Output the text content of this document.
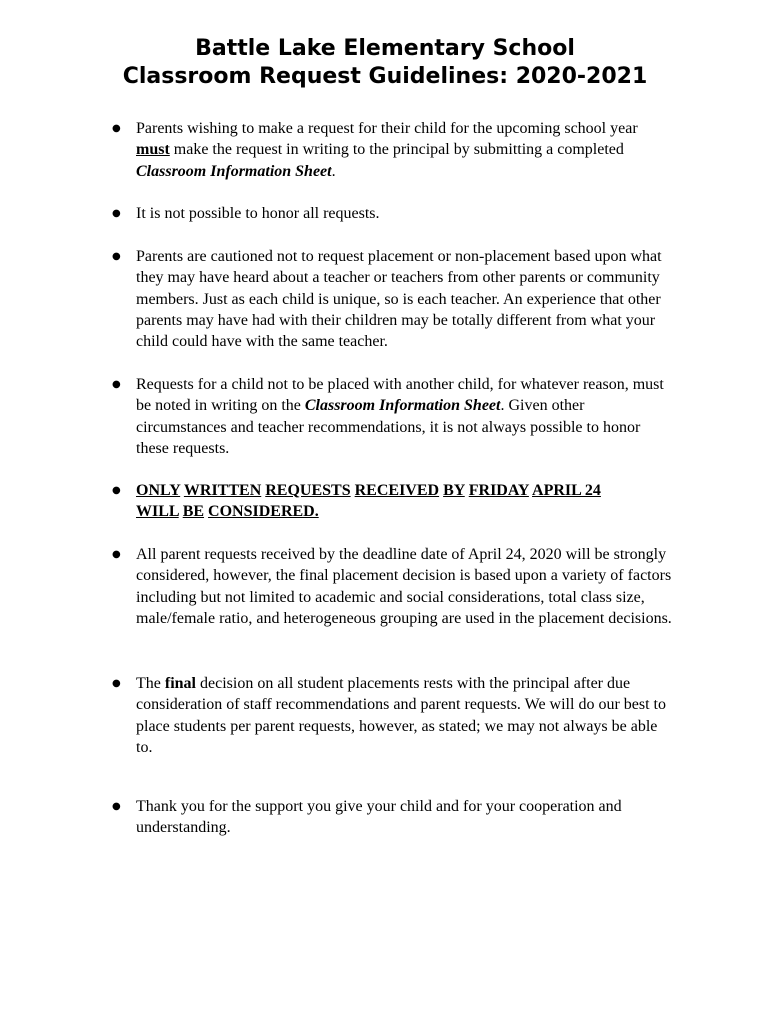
Battle Lake Elementary School
Classroom Request Guidelines: 2020-2021
● Parents wishing to make a request for their child for the upcoming school year must make the request in writing to the principal by submitting a completed Classroom Information Sheet.
● It is not possible to honor all requests.
● Parents are cautioned not to request placement or non-placement based upon what they may have heard about a teacher or teachers from other parents or community members. Just as each child is unique, so is each teacher. An experience that other parents may have had with their children may be totally different from what your child could have with the same teacher.
● Requests for a child not to be placed with another child, for whatever reason, must be noted in writing on the Classroom Information Sheet. Given other circumstances and teacher recommendations, it is not always possible to honor these requests.
● ONLY WRITTEN REQUESTS RECEIVED BY FRIDAY APRIL 24
WILL BE CONSIDERED.
● All parent requests received by the deadline date of April 24, 2020 will be strongly considered, however, the final placement decision is based upon a variety of factors including but not limited to academic and social considerations, total class size, male/female ratio, and heterogeneous grouping are used in the placement decisions.
● The final decision on all student placements rests with the principal after due consideration of staff recommendations and parent requests. We will do our best to place students per parent requests, however, as stated; we may not always be able to.
● Thank you for the support you give your child and for your cooperation and understanding.
